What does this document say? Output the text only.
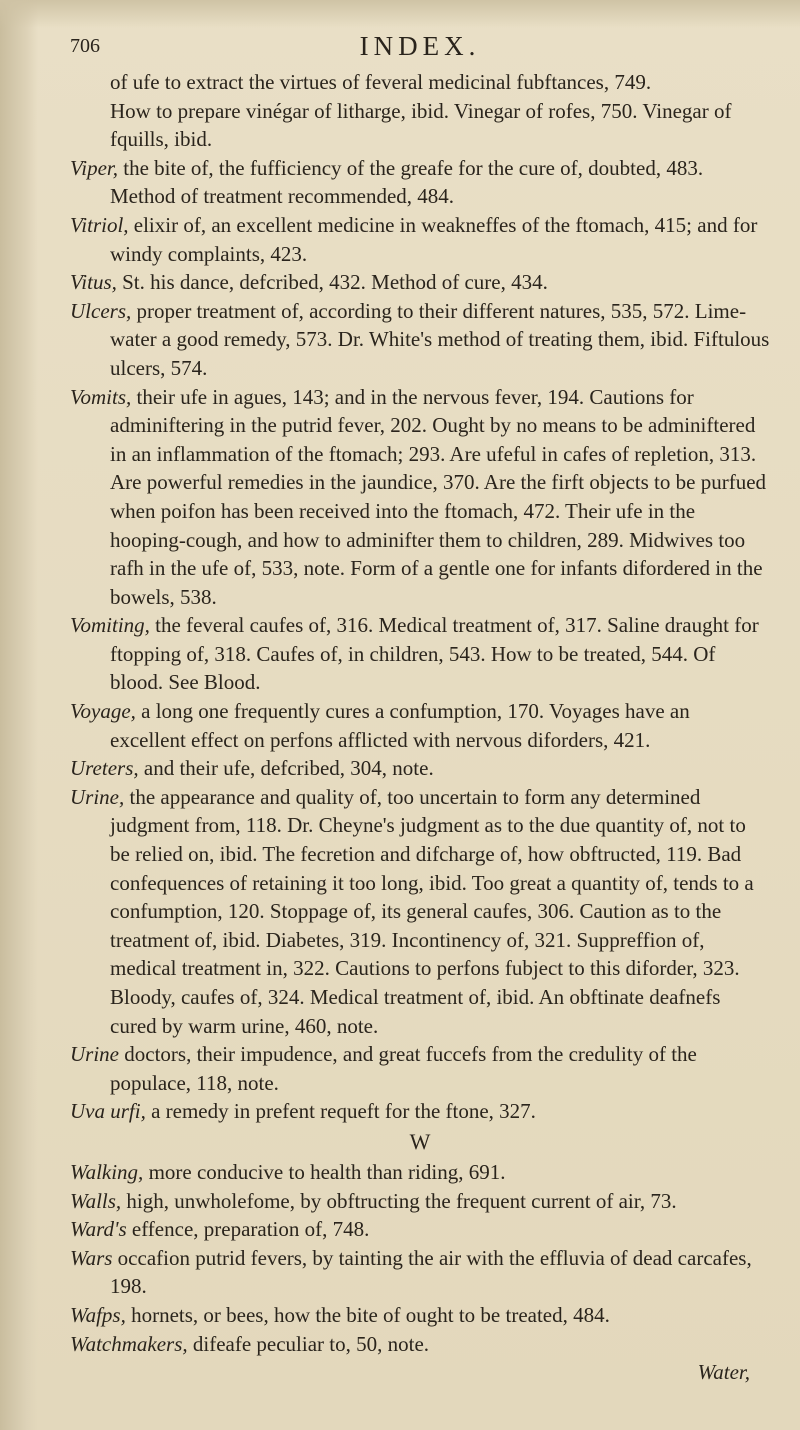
706	INDEX.

of ufe to extract the virtues of feveral medicinal fubftances, 749.

How to prepare vinégar of litharge, ibid. Vinegar of rofes, 750. Vinegar of fquills, ibid.

Viper, the bite of, the fufficiency of the greafe for the cure of, doubted, 483. Method of treatment recommended, 484.

Vitriol, elixir of, an excellent medicine in weakneffes of the ftomach, 415; and for windy complaints, 423.

Vitus, St. his dance, defcribed, 432. Method of cure, 434.

Ulcers, proper treatment of, according to their different natures, 535, 572. Lime-water a good remedy, 573. Dr. White's method of treating them, ibid. Fiftulous ulcers, 574.

Vomits, their ufe in agues, 143; and in the nervous fever, 194. Cautions for adminiftering in the putrid fever, 202. Ought by no means to be adminiftered in an inflammation of the ftomach; 293. Are ufeful in cafes of repletion, 313. Are powerful remedies in the jaundice, 370. Are the firft objects to be purfued when poifon has been received into the ftomach, 472. Their ufe in the hooping-cough, and how to adminifter them to children, 289. Midwives too rafh in the ufe of, 533, note. Form of a gentle one for infants difordered in the bowels, 538.

Vomiting, the feveral caufes of, 316. Medical treatment of, 317. Saline draught for ftopping of, 318. Caufes of, in children, 543. How to be treated, 544. Of blood. See Blood.

Voyage, a long one frequently cures a confumption, 170. Voyages have an excellent effect on perfons afflicted with nervous diforders, 421.

Ureters, and their ufe, defcribed, 304, note.

Urine, the appearance and quality of, too uncertain to form any determined judgment from, 118. Dr. Cheyne's judgment as to the due quantity of, not to be relied on, ibid. The fecretion and difcharge of, how obftructed, 119. Bad confequences of retaining it too long, ibid. Too great a quantity of, tends to a confumption, 120. Stoppage of, its general caufes, 306. Caution as to the treatment of, ibid. Diabetes, 319. Incontinency of, 321. Suppreffion of, medical treatment in, 322. Cautions to perfons fubject to this diforder, 323. Bloody, caufes of, 324. Medical treatment of, ibid. An obftinate deafnefs cured by warm urine, 460, note.

Urine doctors, their impudence, and great fuccefs from the credulity of the populace, 118, note.

Uva urfi, a remedy in prefent requeft for the ftone, 327.

W

Walking, more conducive to health than riding, 691.

Walls, high, unwholefome, by obftructing the frequent current of air, 73.

Ward's effence, preparation of, 748.

Wars occafion putrid fevers, by tainting the air with the effluvia of dead carcafes, 198.

Wafps, hornets, or bees, how the bite of ought to be treated, 484.

Watchmakers, difeafe peculiar to, 50, note.

Water,
